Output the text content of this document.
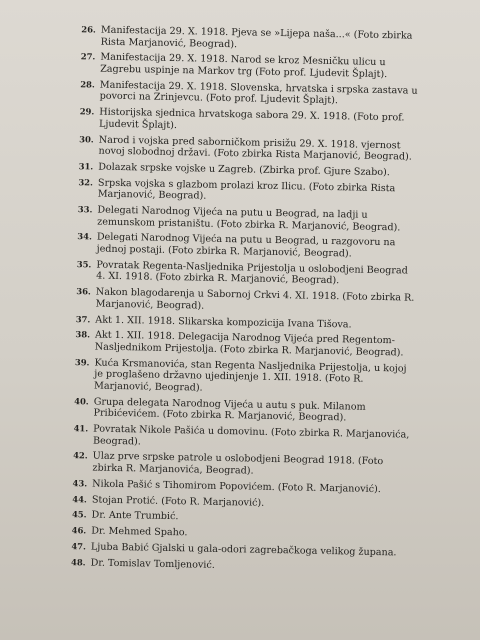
26. Manifestacija 29. X. 1918. Pjeva se »Lijepa naša...« (Foto zbirka Rista Marjanović, Beograd).
27. Manifestacija 29. X. 1918. Narod se kroz Mesničku ulicu u Zagrebu uspinje na Markov trg (Foto prof. Ljudevit Šplajt).
28. Manifestacija 29. X. 1918. Slovenska, hrvatska i srpska zastava u povorci na Zrinjevcu. (Foto prof. Ljudevit Šplajt).
29. Historijska sjednica hrvatskoga sabora 29. X. 1918. (Foto prof. Ljudevit Šplajt).
30. Narod i vojska pred saborničkom prisižu 29. X. 1918. vjernost novoj slobodnoj državi. (Foto zbirka Rista Marjanović, Beograd).
31. Dolazak srpske vojske u Zagreb. (Zbirka prof. Gjure Szabo).
32. Srpska vojska s glazbom prolazi kroz Ilicu. (Foto zbirka Rista Marjanović, Beograd).
33. Delegati Narodnog Vijeća na putu u Beograd, na ladji u zemunskom pristaništu. (Foto zbirka R. Marjanović, Beograd).
34. Delegati Narodnog Vijeća na putu u Beograd, u razgovoru na jednoj postaji. (Foto zbirka R. Marjanović, Beograd).
35. Povratak Regenta-Nasljednika Prijestolja u oslobodjeni Beograd 4. XI. 1918. (Foto zbirka R. Marjanović, Beograd).
36. Nakon blagodarenja u Sabornoj Crkvi 4. XI. 1918. (Foto zbirka R. Marjanović, Beograd).
37. Akt 1. XII. 1918. Slikarska kompozicija Ivana Tišova.
38. Akt 1. XII. 1918. Delegacija Narodnog Vijeća pred Regentom-Nasljednikom Prijestolja. (Foto zbirka R. Marjanović, Beograd).
39. Kuća Krsmanovića, stan Regenta Nasljednika Prijestolja, u kojoj je proglašeno državno ujedinjenje 1. XII. 1918. (Foto R. Marjanović, Beograd).
40. Grupa delegata Narodnog Vijeća u autu s puk. Milanom Pribićevićem. (Foto zbirka R. Marjanović, Beograd).
41. Povratak Nikole Pašića u domovinu. (Foto zbirka R. Marjanovića, Beograd).
42. Ulaz prve srpske patrole u oslobodjeni Beograd 1918. (Foto zbirka R. Marjanovića, Beograd).
43. Nikola Pašić s Tihomirom Popovićem. (Foto R. Marjanović).
44. Stojan Protić. (Foto R. Marjanović).
45. Dr. Ante Trumbić.
46. Dr. Mehmed Spaho.
47. Ljuba Babić Gjalski u gala-odori zagrebačkoga velikog župana.
48. Dr. Tomislav Tomljenović.
